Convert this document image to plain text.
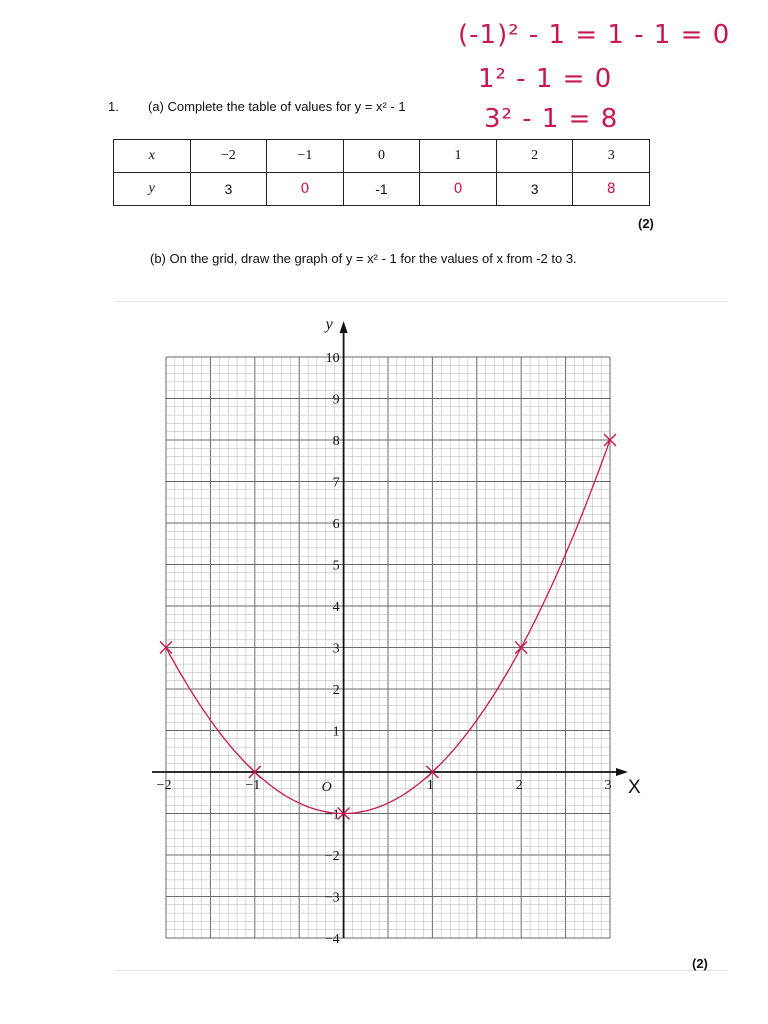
(-1)² - 1 = 1 - 1 = 0
1² - 1 = 0
3² - 1 = 8
1. (a) Complete the table of values for y = x² - 1
x	−2	−1	0	1	2	3
y	3	0	-1	0	3	8
(2)
(b) On the grid, draw the graph of y = x² - 1 for the values of x from -2 to 3.
(2)
−2	−1	1	2	3
10
9
8
7
6
5
4
3
2
1
−1
−2
−3
−4
y
X
O
